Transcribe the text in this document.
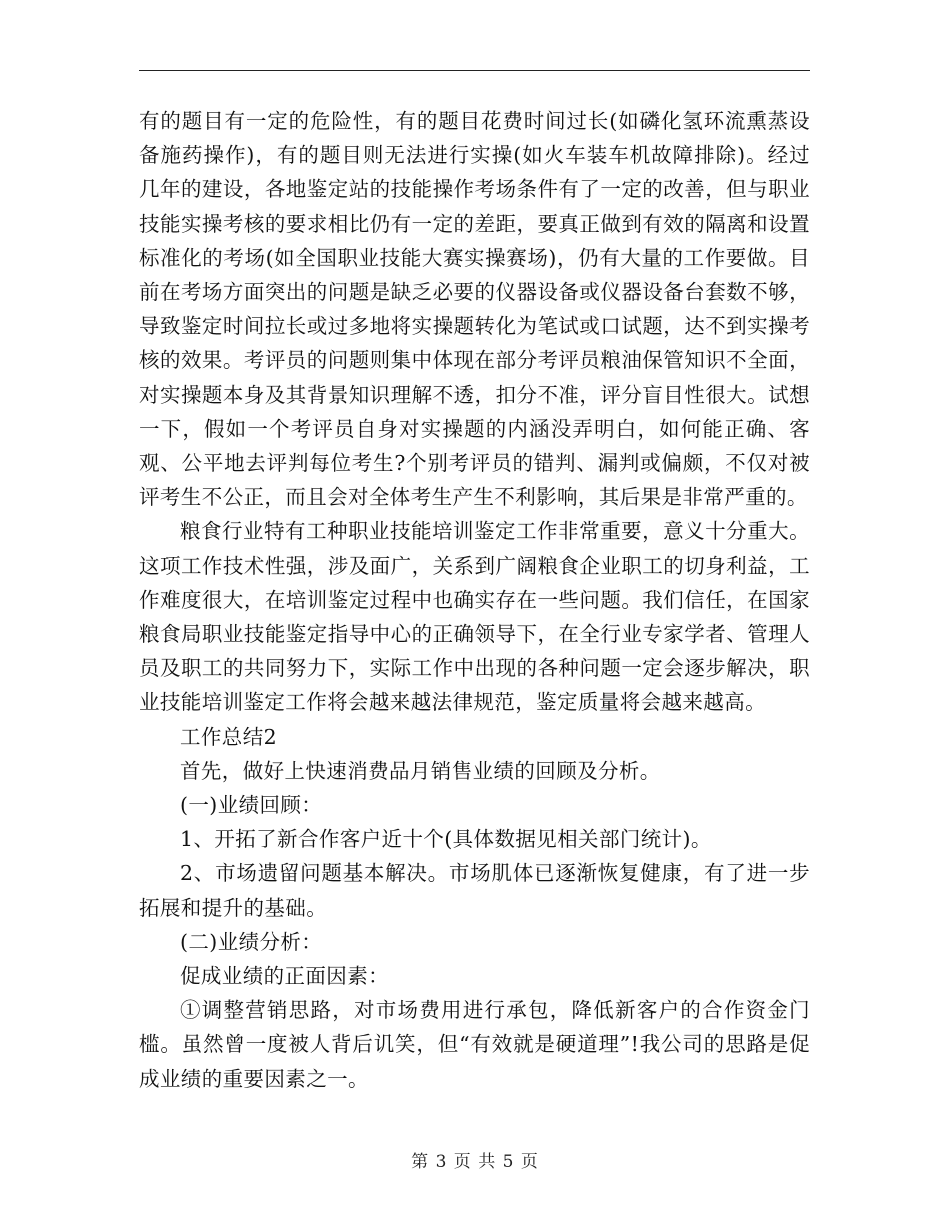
有的题目有一定的危险性，有的题目花费时间过长(如磷化氢环流熏蒸设备施药操作)，有的题目则无法进行实操(如火车装车机故障排除)。经过几年的建设，各地鉴定站的技能操作考场条件有了一定的改善，但与职业技能实操考核的要求相比仍有一定的差距，要真正做到有效的隔离和设置标准化的考场(如全国职业技能大赛实操赛场)，仍有大量的工作要做。目前在考场方面突出的问题是缺乏必要的仪器设备或仪器设备台套数不够，导致鉴定时间拉长或过多地将实操题转化为笔试或口试题，达不到实操考核的效果。考评员的问题则集中体现在部分考评员粮油保管知识不全面，对实操题本身及其背景知识理解不透，扣分不准，评分盲目性很大。试想一下，假如一个考评员自身对实操题的内涵没弄明白，如何能正确、客观、公平地去评判每位考生?个别考评员的错判、漏判或偏颇，不仅对被评考生不公正，而且会对全体考生产生不利影响，其后果是非常严重的。

粮食行业特有工种职业技能培训鉴定工作非常重要，意义十分重大。这项工作技术性强，涉及面广，关系到广阔粮食企业职工的切身利益，工作难度很大，在培训鉴定过程中也确实存在一些问题。我们信任，在国家粮食局职业技能鉴定指导中心的正确领导下，在全行业专家学者、管理人员及职工的共同努力下，实际工作中出现的各种问题一定会逐步解决，职业技能培训鉴定工作将会越来越法律规范，鉴定质量将会越来越高。

工作总结2

首先，做好上快速消费品月销售业绩的回顾及分析。

(一)业绩回顾：

1、开拓了新合作客户近十个(具体数据见相关部门统计)。

2、市场遗留问题基本解决。市场肌体已逐渐恢复健康，有了进一步拓展和提升的基础。

(二)业绩分析：

促成业绩的正面因素：

①调整营销思路，对市场费用进行承包，降低新客户的合作资金门槛。虽然曾一度被人背后讥笑，但“有效就是硬道理”!我公司的思路是促成业绩的重要因素之一。

第 3 页 共 5 页
